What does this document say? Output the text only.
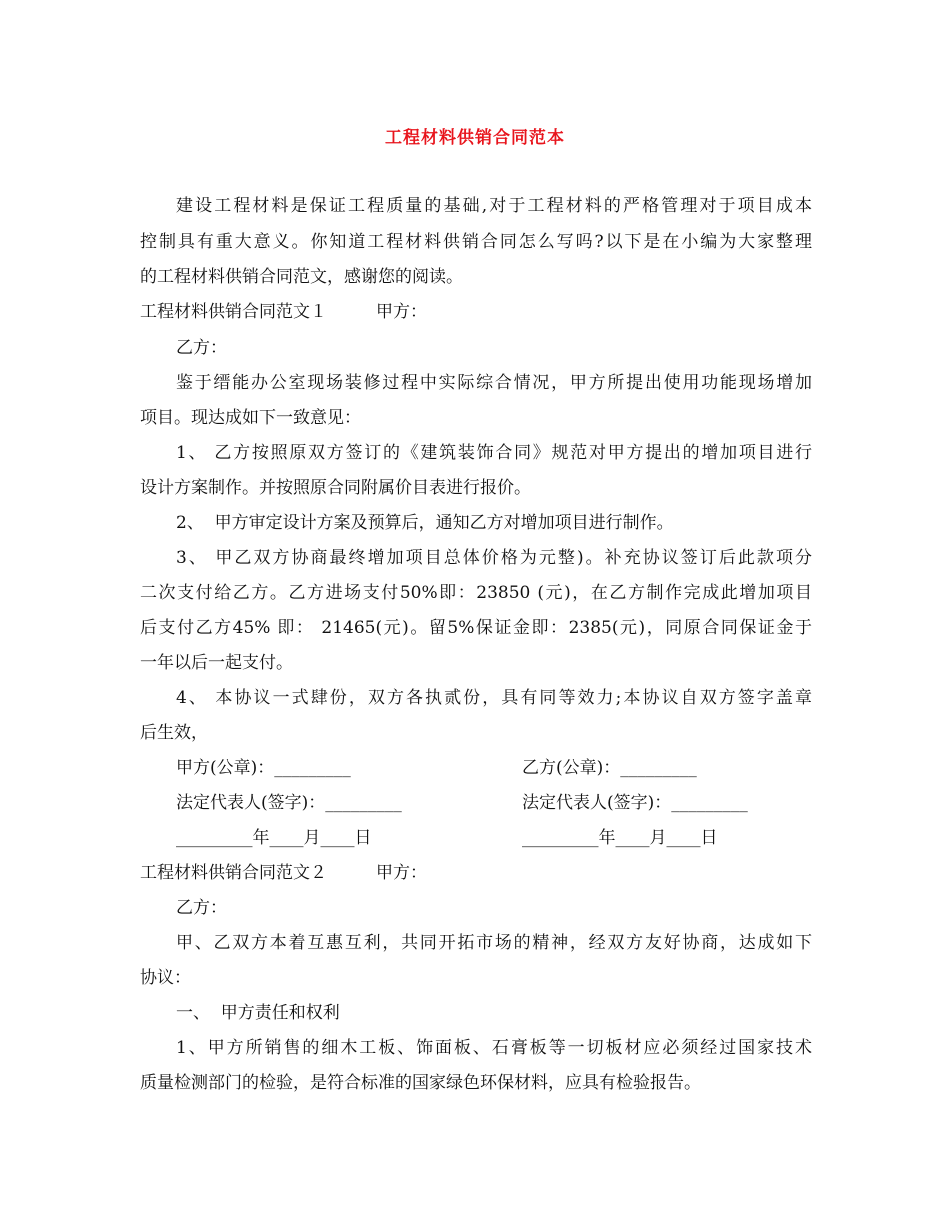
工程材料供销合同范本
建设工程材料是保证工程质量的基础,对于工程材料的严格管理对于项目成本
控制具有重大意义。你知道工程材料供销合同怎么写吗?以下是在小编为大家整理
的工程材料供销合同范文，感谢您的阅读。
工程材料供销合同范文１	甲方：
乙方：
鉴于缙能办公室现场装修过程中实际综合情况，甲方所提出使用功能现场增加
项目。现达成如下一致意见：
1、 乙方按照原双方签订的《建筑装饰合同》规范对甲方提出的增加项目进行
设计方案制作。并按照原合同附属价目表进行报价。
2、  甲方审定设计方案及预算后，通知乙方对增加项目进行制作。
3、 甲乙双方协商最终增加项目总体价格为元整)。补充协议签订后此款项分
二次支付给乙方。乙方进场支付50%即：23850 (元)，在乙方制作完成此增加项目
后支付乙方45% 即： 21465(元)。留5%保证金即：2385(元)，同原合同保证金于
一年以后一起支付。
4、 本协议一式肆份，双方各执贰份，具有同等效力;本协议自双方签字盖章
后生效，
甲方(公章)：_________	乙方(公章)：_________
法定代表人(签字)：_________	法定代表人(签字)：_________
_________年____月____日	_________年____月____日
工程材料供销合同范文２	甲方：
乙方：
甲、乙双方本着互惠互利，共同开拓市场的精神，经双方友好协商，达成如下
协议：
一、  甲方责任和权利
1、甲方所销售的细木工板、饰面板、石膏板等一切板材应必须经过国家技术
质量检测部门的检验，是符合标准的国家绿色环保材料，应具有检验报告。
